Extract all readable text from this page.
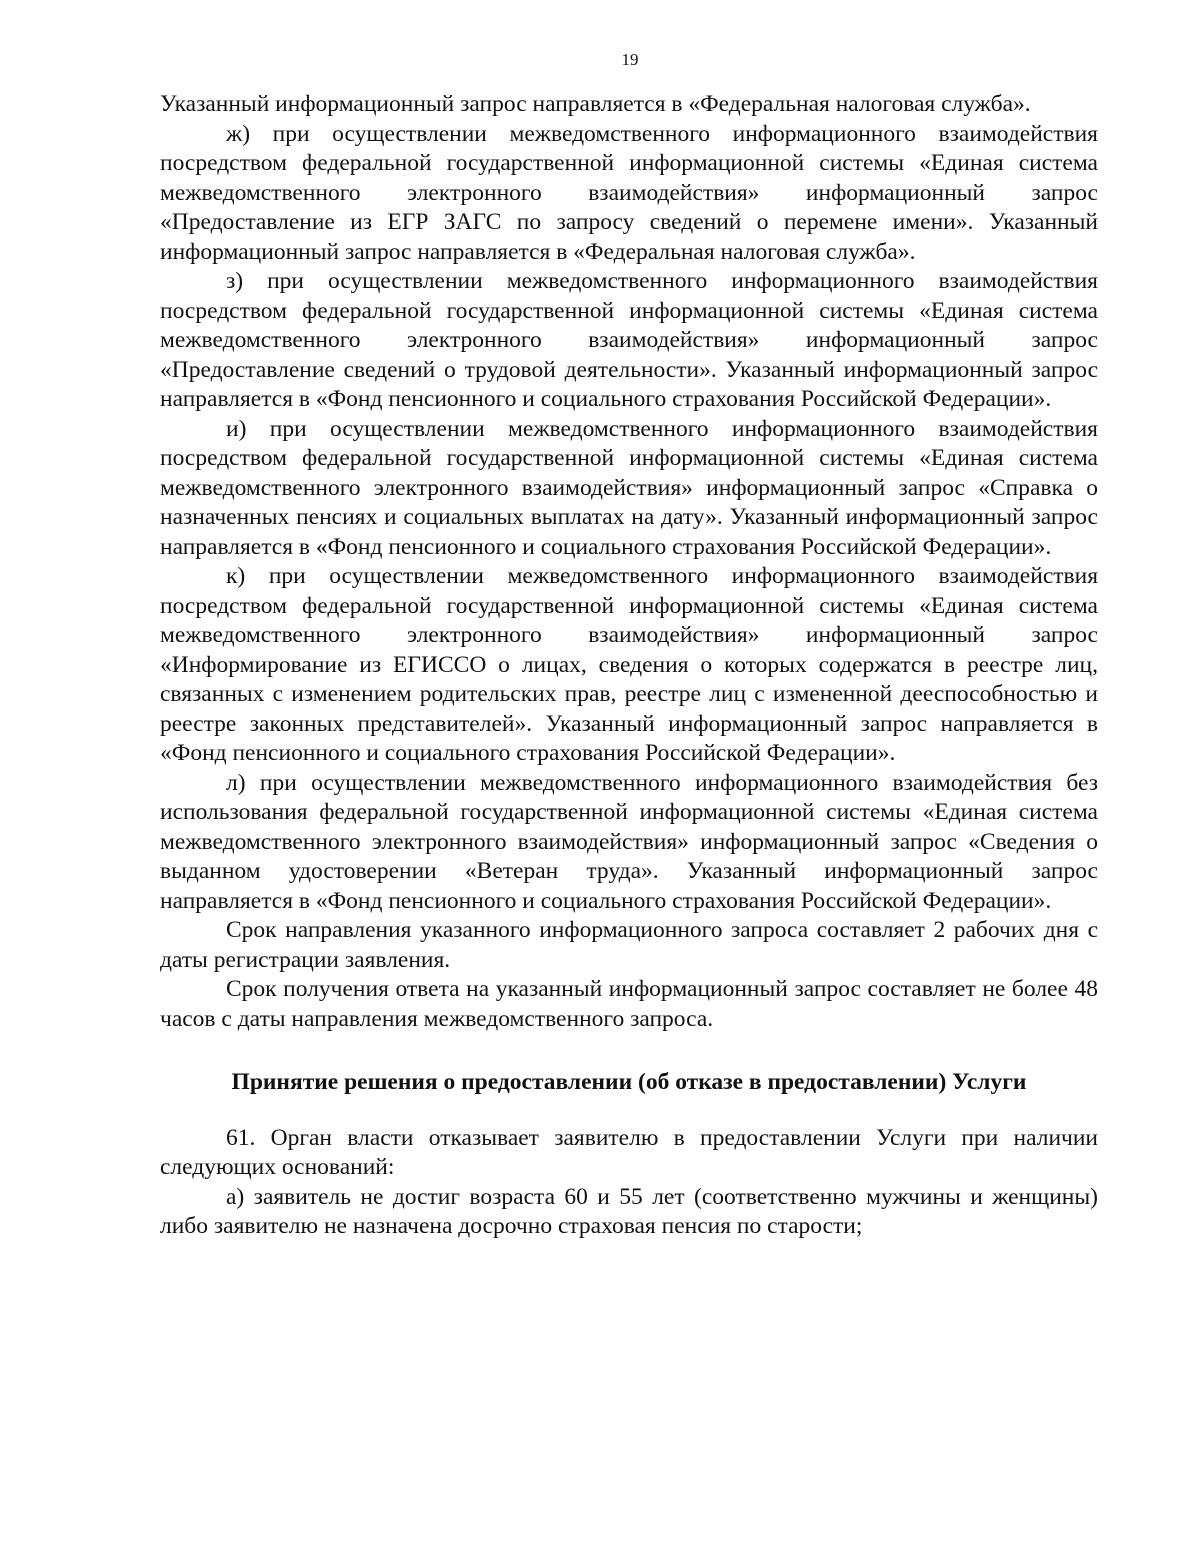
19

Указанный информационный запрос направляется в «Федеральная налоговая служба».

ж) при осуществлении межведомственного информационного взаимодействия посредством федеральной государственной информационной системы «Единая система межведомственного электронного взаимодействия» информационный запрос «Предоставление из ЕГР ЗАГС по запросу сведений о перемене имени». Указанный информационный запрос направляется в «Федеральная налоговая служба».

з) при осуществлении межведомственного информационного взаимодействия посредством федеральной государственной информационной системы «Единая система межведомственного электронного взаимодействия» информационный запрос «Предоставление сведений о трудовой деятельности». Указанный информационный запрос направляется в «Фонд пенсионного и социального страхования Российской Федерации».

и) при осуществлении межведомственного информационного взаимодействия посредством федеральной государственной информационной системы «Единая система межведомственного электронного взаимодействия» информационный запрос «Справка о назначенных пенсиях и социальных выплатах на дату». Указанный информационный запрос направляется в «Фонд пенсионного и социального страхования Российской Федерации».

к) при осуществлении межведомственного информационного взаимодействия посредством федеральной государственной информационной системы «Единая система межведомственного электронного взаимодействия» информационный запрос «Информирование из ЕГИССО о лицах, сведения о которых содержатся в реестре лиц, связанных с изменением родительских прав, реестре лиц с измененной дееспособностью и реестре законных представителей». Указанный информационный запрос направляется в «Фонд пенсионного и социального страхования Российской Федерации».

л) при осуществлении межведомственного информационного взаимодействия без использования федеральной государственной информационной системы «Единая система межведомственного электронного взаимодействия» информационный запрос «Сведения о выданном удостоверении «Ветеран труда». Указанный информационный запрос направляется в «Фонд пенсионного и социального страхования Российской Федерации».

Срок направления указанного информационного запроса составляет 2 рабочих дня с даты регистрации заявления.

Срок получения ответа на указанный информационный запрос составляет не более 48 часов с даты направления межведомственного запроса.

Принятие решения о предоставлении (об отказе в предоставлении) Услуги

61. Орган власти отказывает заявителю в предоставлении Услуги при наличии следующих оснований:

а) заявитель не достиг возраста 60 и 55 лет (соответственно мужчины и женщины) либо заявителю не назначена досрочно страховая пенсия по старости;
